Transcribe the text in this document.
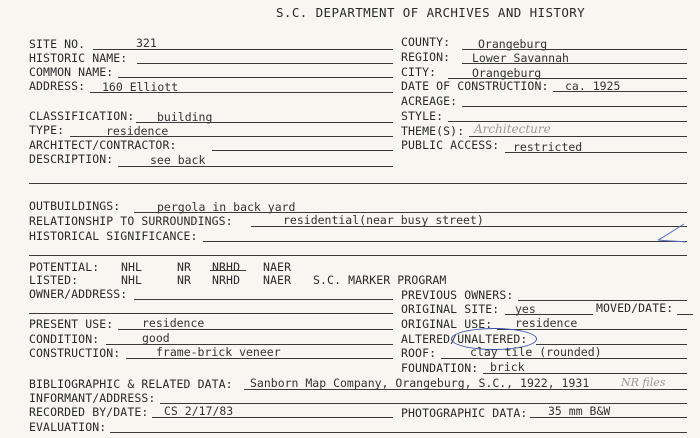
S.C. DEPARTMENT OF ARCHIVES AND HISTORY
SITE NO.	321
HISTORIC NAME:
COMMON NAME:
ADDRESS: 160 Elliott
CLASSIFICATION: building
TYPE:	residence
ARCHITECT/CONTRACTOR:
DESCRIPTION:	see back
COUNTY: Orangeburg
REGION: Lower Savannah
CITY:	Orangeburg
DATE OF CONSTRUCTION: ca. 1925
ACREAGE:
STYLE:
THEME(S): Architecture
PUBLIC ACCESS: restricted
OUTBUILDINGS:	pergola in back yard
RELATIONSHIP TO SURROUNDINGS:	residential(near busy street)
HISTORICAL SIGNIFICANCE:
POTENTIAL: NHL	NR NRHD NAER
LISTED:	NHL	NR NRHD NAER S.C. MARKER PROGRAM
OWNER/ADDRESS:	PREVIOUS OWNERS:
ORIGINAL SITE: yes	MOVED/DATE:
PRESENT USE: residence
CONDITION:	good
CONSTRUCTION:	frame-brick veneer
ORIGINAL USE: residence
ALTERED/UNALTERED:
ROOF:	clay tile (rounded)
FOUNDATION: brick
BIBLIOGRAPHIC & RELATED DATA: Sanborn Map Company, Orangeburg, S.C., 1922, 1931	NR files
INFORMANT/ADDRESS:
RECORDED BY/DATE: CS 2/17/83	PHOTOGRAPHIC DATA: 35 mm B&W
EVALUATION:
